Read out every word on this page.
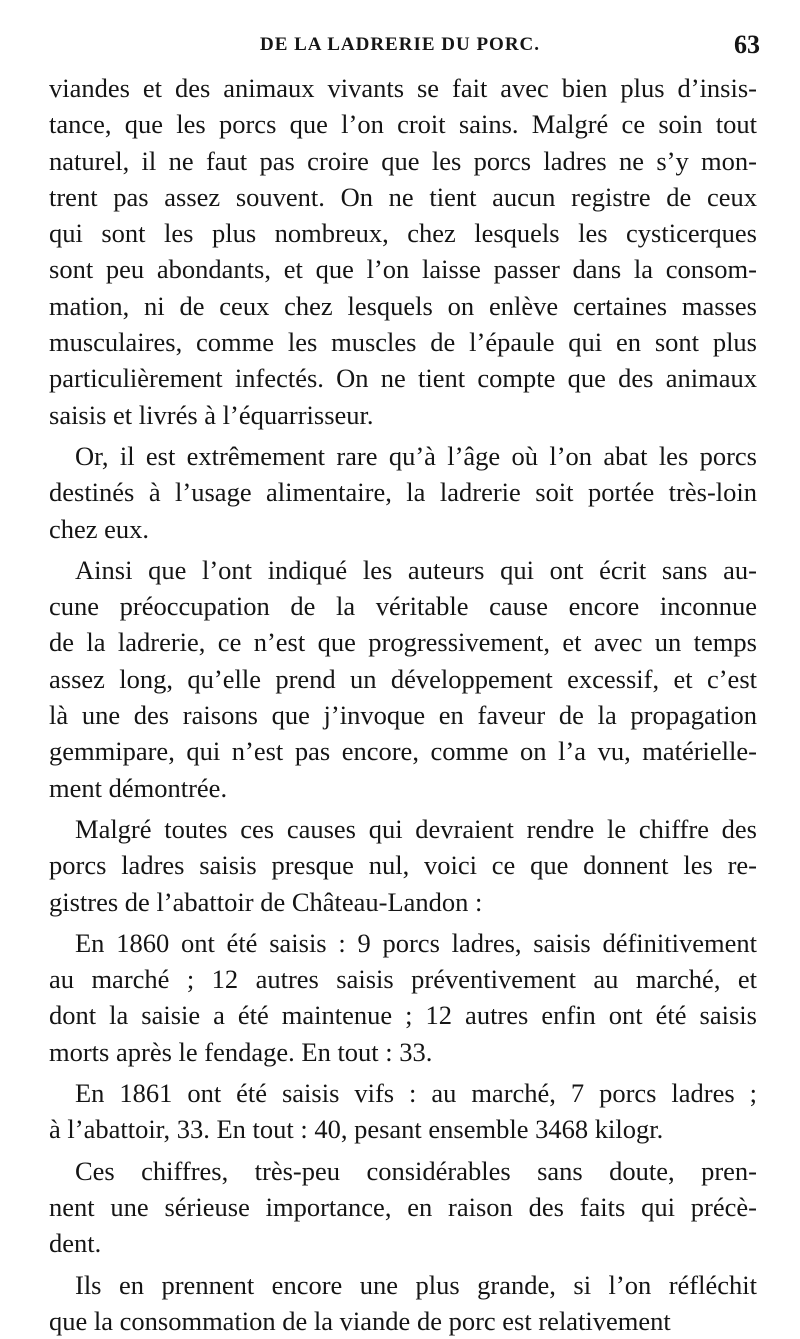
DE LA LADRERIE DU PORC.	63
viandes et des animaux vivants se fait avec bien plus d’insis-
tance, que les porcs que l’on croit sains. Malgré ce soin tout
naturel, il ne faut pas croire que les porcs ladres ne s’y mon-
trent pas assez souvent. On ne tient aucun registre de ceux
qui sont les plus nombreux, chez lesquels les cysticerques
sont peu abondants, et que l’on laisse passer dans la consom-
mation, ni de ceux chez lesquels on enlève certaines masses
musculaires, comme les muscles de l’épaule qui en sont plus
particulièrement infectés. On ne tient compte que des animaux
saisis et livrés à l’équarrisseur.
Or, il est extrêmement rare qu’à l’âge où l’on abat les porcs
destinés à l’usage alimentaire, la ladrerie soit portée très-loin
chez eux.
Ainsi que l’ont indiqué les auteurs qui ont écrit sans au-
cune préoccupation de la véritable cause encore inconnue
de la ladrerie, ce n’est que progressivement, et avec un temps
assez long, qu’elle prend un développement excessif, et c’est
là une des raisons que j’invoque en faveur de la propagation
gemmipare, qui n’est pas encore, comme on l’a vu, matérielle-
ment démontrée.
Malgré toutes ces causes qui devraient rendre le chiffre des
porcs ladres saisis presque nul, voici ce que donnent les re-
gistres de l’abattoir de Château-Landon :
En 1860 ont été saisis : 9 porcs ladres, saisis définitivement
au marché ; 12 autres saisis préventivement au marché, et
dont la saisie a été maintenue ; 12 autres enfin ont été saisis
morts après le fendage. En tout : 33.
En 1861 ont été saisis vifs : au marché, 7 porcs ladres ;
à l’abattoir, 33. En tout : 40, pesant ensemble 3468 kilogr.
Ces chiffres, très-peu considérables sans doute, pren-
nent une sérieuse importance, en raison des faits qui précè-
dent.
Ils en prennent encore une plus grande, si l’on réfléchit
que la consommation de la viande de porc est relativement
